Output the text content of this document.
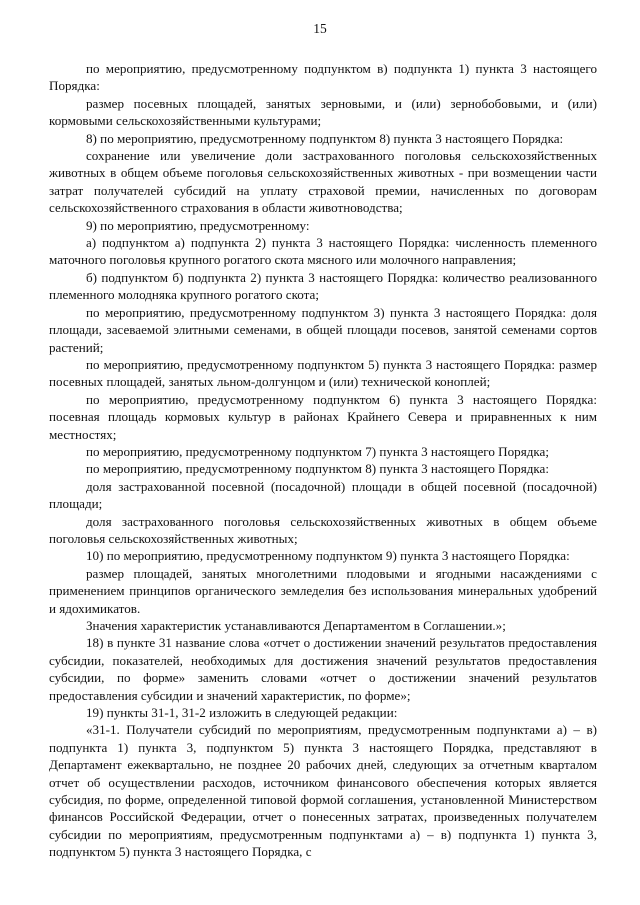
15

по мероприятию, предусмотренному подпунктом в) подпункта 1) пункта 3 настоящего Порядка:

размер посевных площадей, занятых зерновыми, и (или) зернобобовыми, и (или) кормовыми сельскохозяйственными культурами;

8) по мероприятию, предусмотренному подпунктом 8) пункта 3 настоящего Порядка:

сохранение или увеличение доли застрахованного поголовья сельскохозяйственных животных в общем объеме поголовья сельскохозяйственных животных - при возмещении части затрат получателей субсидий на уплату страховой премии, начисленных по договорам сельскохозяйственного страхования в области животноводства;

9) по мероприятию, предусмотренному:

а) подпунктом а) подпункта 2) пункта 3 настоящего Порядка: численность племенного маточного поголовья крупного рогатого скота мясного или молочного направления;

б) подпунктом б) подпункта 2) пункта 3 настоящего Порядка: количество реализованного племенного молодняка крупного рогатого скота;

по мероприятию, предусмотренному подпунктом 3) пункта 3 настоящего Порядка: доля площади, засеваемой элитными семенами, в общей площади посевов, занятой семенами сортов растений;

по мероприятию, предусмотренному подпунктом 5) пункта 3 настоящего Порядка: размер посевных площадей, занятых льном-долгунцом и (или) технической коноплей;

по мероприятию, предусмотренному подпунктом 6) пункта 3 настоящего Порядка: посевная площадь кормовых культур в районах Крайнего Севера и приравненных к ним местностях;

по мероприятию, предусмотренному подпунктом 7) пункта 3 настоящего Порядка;

по мероприятию, предусмотренному подпунктом 8) пункта 3 настоящего Порядка:

доля застрахованной посевной (посадочной) площади в общей посевной (посадочной) площади;

доля застрахованного поголовья сельскохозяйственных животных в общем объеме поголовья сельскохозяйственных животных;

10) по мероприятию, предусмотренному подпунктом 9) пункта 3 настоящего Порядка:

размер площадей, занятых многолетними плодовыми и ягодными насаждениями с применением принципов органического земледелия без использования минеральных удобрений и ядохимикатов.

Значения характеристик устанавливаются Департаментом в Соглашении.»;

18) в пункте 31 название слова «отчет о достижении значений результатов предоставления субсидии, показателей, необходимых для достижения значений результатов предоставления субсидии, по форме» заменить словами «отчет о достижении значений результатов предоставления субсидии и значений характеристик, по форме»;

19) пункты 31-1, 31-2 изложить в следующей редакции:

«31-1. Получатели субсидий по мероприятиям, предусмотренным подпунктами а) – в) подпункта 1) пункта 3, подпунктом 5) пункта 3 настоящего Порядка, представляют в Департамент ежеквартально, не позднее 20 рабочих дней, следующих за отчетным кварталом отчет об осуществлении расходов, источником финансового обеспечения которых является субсидия, по форме, определенной типовой формой соглашения, установленной Министерством финансов Российской Федерации, отчет о понесенных затратах, произведенных получателем субсидии по мероприятиям, предусмотренным подпунктами а) – в) подпункта 1) пункта 3, подпунктом 5) пункта 3 настоящего Порядка, с
